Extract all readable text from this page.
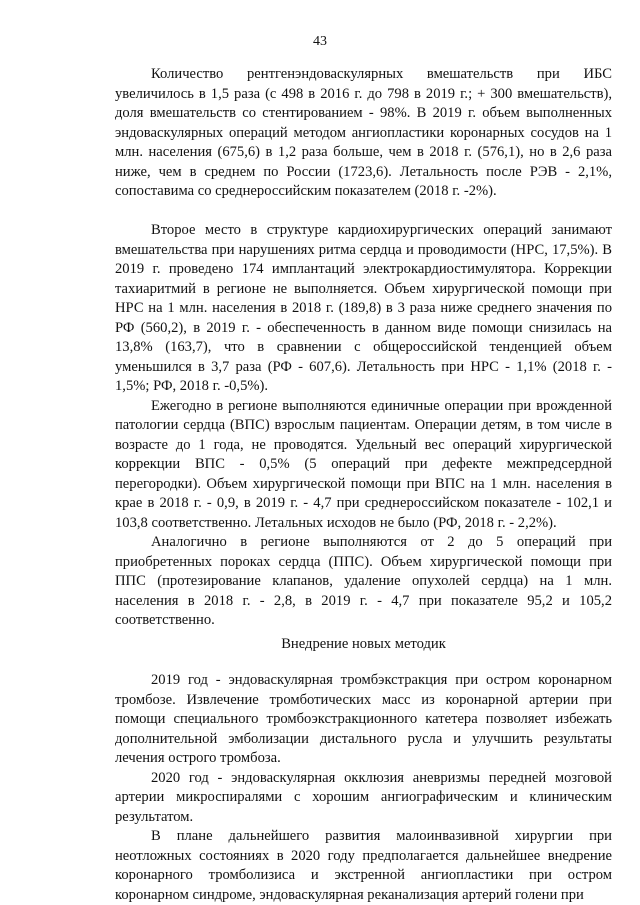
43

Количество рентгенэндоваскулярных вмешательств при ИБС увеличилось в 1,5 раза (с 498 в 2016 г. до 798 в 2019 г.; + 300 вмешательств), доля вмешательств со стентированием - 98%. В 2019 г. объем выполненных эндоваскулярных операций методом ангиопластики коронарных сосудов на 1 млн. населения (675,6) в 1,2 раза больше, чем в 2018 г. (576,1), но в 2,6 раза ниже, чем в среднем по России (1723,6). Летальность после РЭВ - 2,1%, сопоставима со среднероссийским показателем (2018 г. -2%).

Второе место в структуре кардиохирургических операций занимают вмешательства при нарушениях ритма сердца и проводимости (НРС, 17,5%). В 2019 г. проведено 174 имплантаций электрокардиостимулятора. Коррекции тахиаритмий в регионе не выполняется. Объем хирургической помощи при НРС на 1 млн. населения в 2018 г. (189,8) в 3 раза ниже среднего значения по РФ (560,2), в 2019 г. - обеспеченность в данном виде помощи снизилась на 13,8% (163,7), что в сравнении с общероссийской тенденцией объем уменьшился в 3,7 раза (РФ - 607,6). Летальность при НРС - 1,1% (2018 г. - 1,5%; РФ, 2018 г. -0,5%).

Ежегодно в регионе выполняются единичные операции при врожденной патологии сердца (ВПС) взрослым пациентам. Операции детям, в том числе в возрасте до 1 года, не проводятся. Удельный вес операций хирургической коррекции ВПС - 0,5% (5 операций при дефекте межпредсердной перегородки). Объем хирургической помощи при ВПС на 1 млн. населения в крае в 2018 г. - 0,9, в 2019 г. - 4,7 при среднероссийском показателе - 102,1 и 103,8 соответственно. Летальных исходов не было (РФ, 2018 г. - 2,2%).

Аналогично в регионе выполняются от 2 до 5 операций при приобретенных пороках сердца (ППС). Объем хирургической помощи при ППС (протезирование клапанов, удаление опухолей сердца) на 1 млн. населения в 2018 г. - 2,8, в 2019 г. - 4,7 при показателе 95,2 и 105,2 соответственно.

Внедрение новых методик

2019 год - эндоваскулярная тромбэкстракция при остром коронарном тромбозе. Извлечение тромботических масс из коронарной артерии при помощи специального тромбоэкстракционного катетера позволяет избежать дополнительной эмболизации дистального русла и улучшить результаты лечения острого тромбоза.

2020 год - эндоваскулярная окклюзия аневризмы передней мозговой артерии микроспиралями с хорошим ангиографическим и клиническим результатом.

В плане дальнейшего развития малоинвазивной хирургии при неотложных состояниях в 2020 году предполагается дальнейшее внедрение коронарного тромболизиса и экстренной ангиопластики при остром коронарном синдроме, эндоваскулярная реканализация артерий голени при
